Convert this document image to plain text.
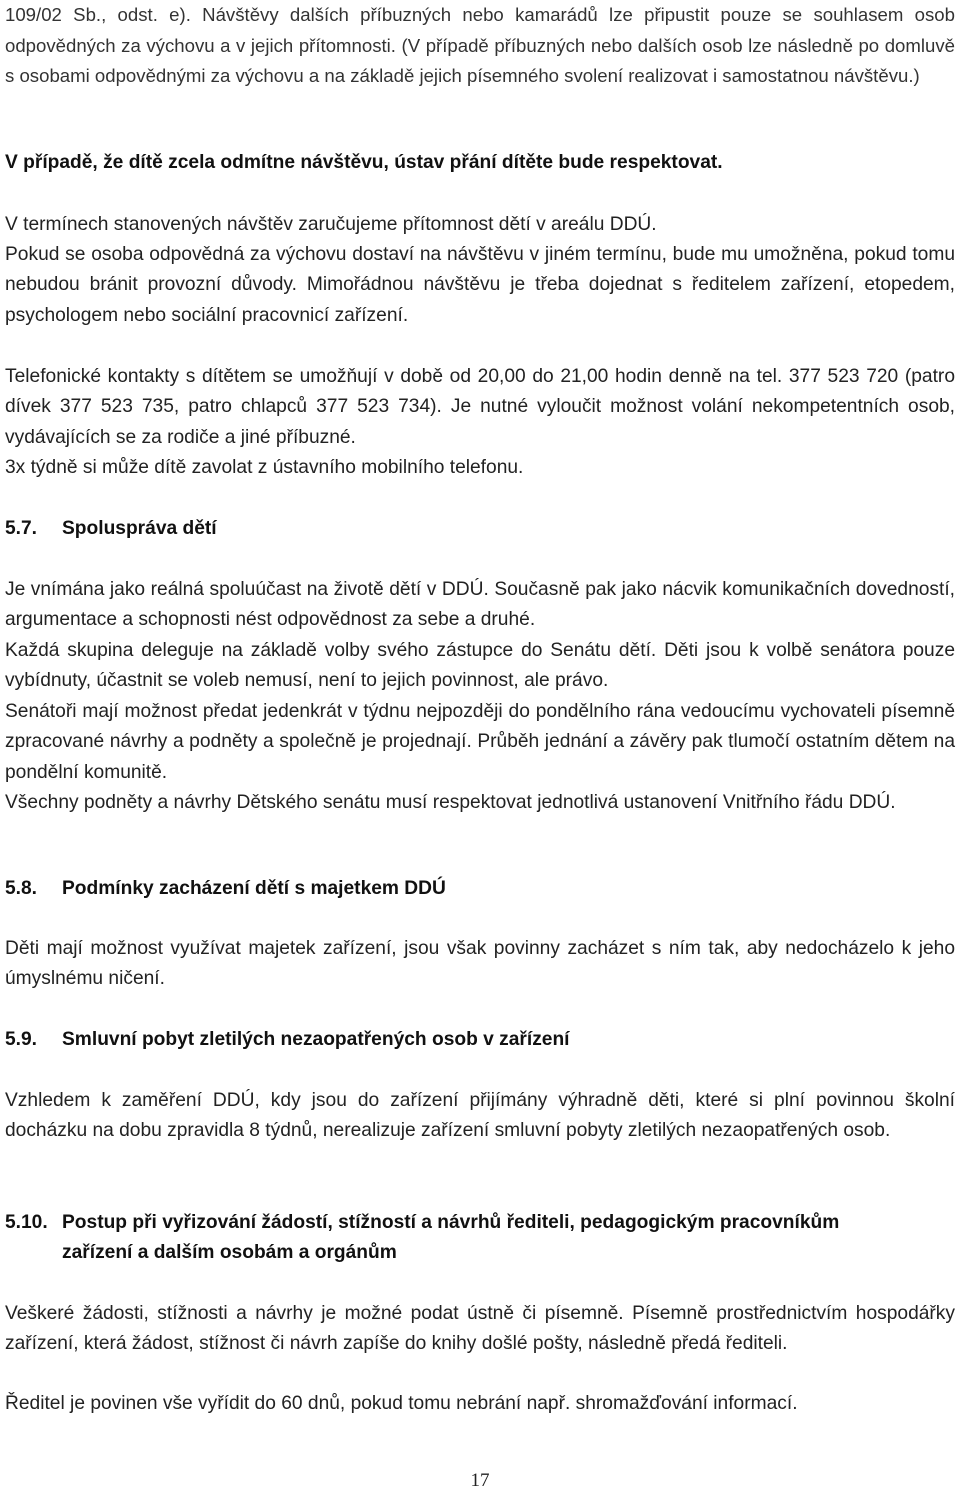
109/02 Sb., odst. e). Návštěvy dalších příbuzných nebo kamarádů lze připustit pouze se souhlasem osob odpovědných za výchovu a v jejich přítomnosti. (V případě příbuzných nebo dalších osob lze následně po domluvě s osobami odpovědnými za výchovu a na základě jejich písemného svolení realizovat i samostatnou návštěvu.)

V případě, že dítě zcela odmítne návštěvu, ústav přání dítěte bude respektovat.

V termínech stanovených návštěv zaručujeme přítomnost dětí v areálu DDÚ.

Pokud se osoba odpovědná za výchovu dostaví na návštěvu v jiném termínu, bude mu umožněna, pokud tomu nebudou bránit provozní důvody. Mimořádnou návštěvu je třeba dojednat s ředitelem zařízení, etopedem, psychologem nebo sociální pracovnicí zařízení.

Telefonické kontakty s dítětem se umožňují v době od 20,00 do 21,00 hodin denně na tel. 377 523 720 (patro dívek 377 523 735, patro chlapců 377 523 734). Je nutné vyloučit možnost volání nekompetentních osob, vydávajících se za rodiče a jiné příbuzné.

3x týdně si může dítě zavolat z ústavního mobilního telefonu.

5.7. Spolusprávа dětí

Je vnímána jako reálná spoluúčast na životě dětí v DDÚ. Současně pak jako nácvik komunikačních dovedností, argumentace a schopnosti nést odpovědnost za sebe a druhé.

Každá skupina deleguje na základě volby svého zástupce do Senátu dětí. Děti jsou k volbě senátora pouze vybídnuty, účastnit se voleb nemusí, není to jejich povinnost, ale právo.

Senátoři mají možnost předat jedenkrát v týdnu nejpozději do pondělního rána vedoucímu vychovateli písemně zpracované návrhy a podněty a společně je projednají. Průběh jednání a závěry pak tlumočí ostatním dětem na pondělní komunitě.

Všechny podněty a návrhy Dětského senátu musí respektovat jednotlivá ustanovení Vnitřního řádu DDÚ.

5.8. Podmínky zacházení dětí s majetkem DDÚ

Děti mají možnost využívat majetek zařízení, jsou však povinny zacházet s ním tak, aby nedocházelo k jeho úmyslnému ničení.

5.9. Smluvní pobyt zletilých nezaopatřených osob v zařízení

Vzhledem k zaměření DDÚ, kdy jsou do zařízení přijímány výhradně děti, které si plní povinnou školní docházku na dobu zpravidla 8 týdnů, nerealizuje zařízení smluvní pobyty zletilých nezaopatřených osob.

5.10. Postup při vyřizování žádostí, stížností a návrhů řediteli, pedagogickým pracovníkům
zařízení a dalším osobám a orgánům

Veškeré žádosti, stížnosti a návrhy je možné podat ústně či písemně. Písemně prostřednictvím hospodářky zařízení, která žádost, stížnost či návrh zapíše do knihy došlé pošty, následně předá řediteli.

Ředitel je povinen vše vyřídit do 60 dnů, pokud tomu nebrání např. shromažďování informací.

17
